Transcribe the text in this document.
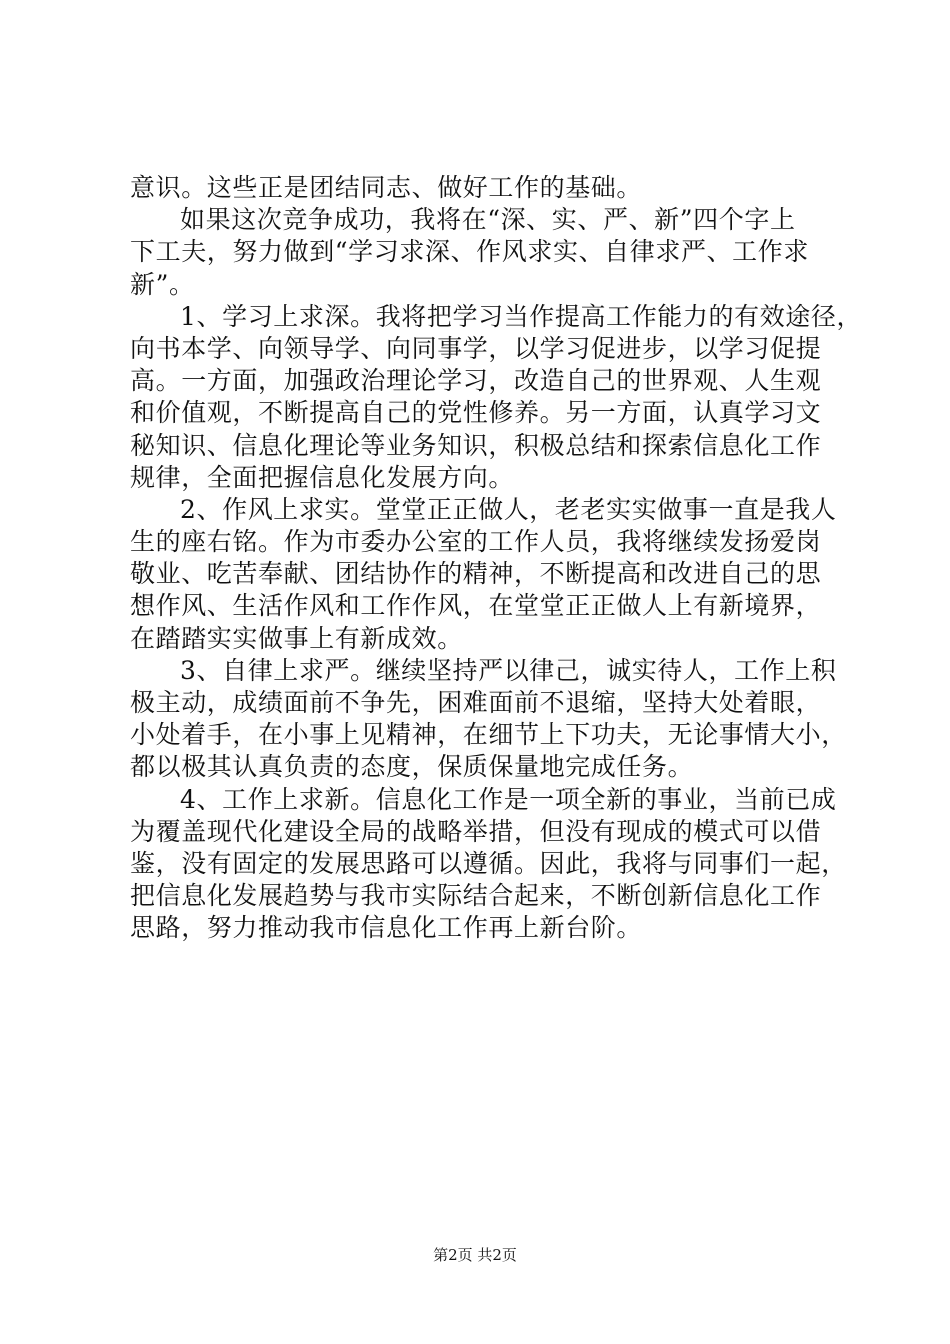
意识。这些正是团结同志、做好工作的基础。
如果这次竞争成功，我将在“深、实、严、新”四个字上
下工夫，努力做到“学习求深、作风求实、自律求严、工作求
新”。
1、学习上求深。我将把学习当作提高工作能力的有效途径，
向书本学、向领导学、向同事学，以学习促进步，以学习促提
高。一方面，加强政治理论学习，改造自己的世界观、人生观
和价值观，不断提高自己的党性修养。另一方面，认真学习文
秘知识、信息化理论等业务知识，积极总结和探索信息化工作
规律，全面把握信息化发展方向。
2、作风上求实。堂堂正正做人，老老实实做事一直是我人
生的座右铭。作为市委办公室的工作人员，我将继续发扬爱岗
敬业、吃苦奉献、团结协作的精神，不断提高和改进自己的思
想作风、生活作风和工作作风，在堂堂正正做人上有新境界，
在踏踏实实做事上有新成效。
3、自律上求严。继续坚持严以律己，诚实待人，工作上积
极主动，成绩面前不争先，困难面前不退缩，坚持大处着眼，
小处着手，在小事上见精神，在细节上下功夫，无论事情大小，
都以极其认真负责的态度，保质保量地完成任务。
4、工作上求新。信息化工作是一项全新的事业，当前已成
为覆盖现代化建设全局的战略举措，但没有现成的模式可以借
鉴，没有固定的发展思路可以遵循。因此，我将与同事们一起，
把信息化发展趋势与我市实际结合起来，不断创新信息化工作
思路，努力推动我市信息化工作再上新台阶。
第2页 共2页
